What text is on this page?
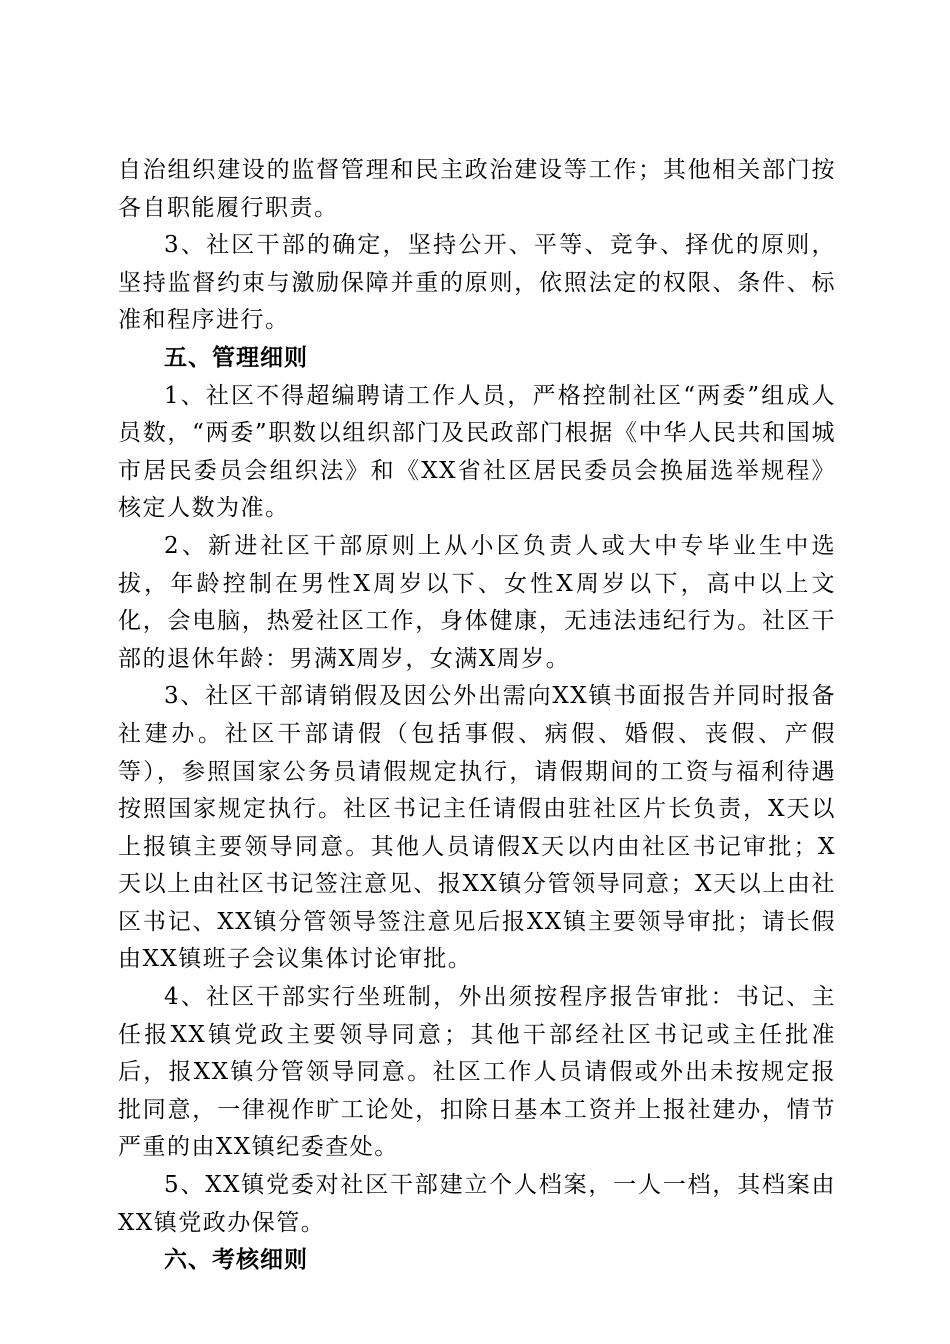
自治组织建设的监督管理和民主政治建设等工作；其他相关部门按各自职能履行职责。

3、社区干部的确定，坚持公开、平等、竞争、择优的原则，坚持监督约束与激励保障并重的原则，依照法定的权限、条件、标准和程序进行。

五、管理细则

1、社区不得超编聘请工作人员，严格控制社区“两委”组成人员数，“两委”职数以组织部门及民政部门根据《中华人民共和国城市居民委员会组织法》和《XX省社区居民委员会换届选举规程》核定人数为准。

2、新进社区干部原则上从小区负责人或大中专毕业生中选拔，年龄控制在男性X周岁以下、女性X周岁以下，高中以上文化，会电脑，热爱社区工作，身体健康，无违法违纪行为。社区干部的退休年龄：男满X周岁，女满X周岁。

3、社区干部请销假及因公外出需向XX镇书面报告并同时报备社建办。社区干部请假（包括事假、病假、婚假、丧假、产假等），参照国家公务员请假规定执行，请假期间的工资与福利待遇按照国家规定执行。社区书记主任请假由驻社区片长负责，X天以上报镇主要领导同意。其他人员请假X天以内由社区书记审批；X天以上由社区书记签注意见、报XX镇分管领导同意；X天以上由社区书记、XX镇分管领导签注意见后报XX镇主要领导审批；请长假由XX镇班子会议集体讨论审批。

4、社区干部实行坐班制，外出须按程序报告审批：书记、主任报XX镇党政主要领导同意；其他干部经社区书记或主任批准后，报XX镇分管领导同意。社区工作人员请假或外出未按规定报批同意，一律视作旷工论处，扣除日基本工资并上报社建办，情节严重的由XX镇纪委查处。

5、XX镇党委对社区干部建立个人档案，一人一档，其档案由XX镇党政办保管。

六、考核细则
